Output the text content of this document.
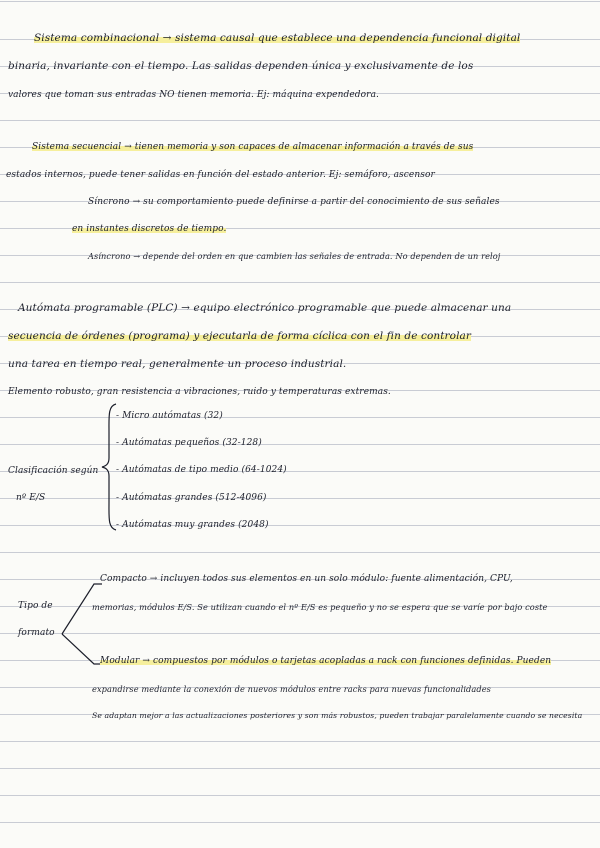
Sistema combinacional → sistema causal que establece una dependencia funcional digital
binaria, invariante con el tiempo. Las salidas dependen única y exclusivamente de los
valores que toman sus entradas NO tienen memoria. Ej: máquina expendedora.
Sistema secuencial → tienen memoria y son capaces de almacenar información a través de sus
estados internos, puede tener salidas en función del estado anterior. Ej: semáforo, ascensor
Síncrono → su comportamiento puede definirse a partir del conocimiento de sus señales
en instantes discretos de tiempo.
Asíncrono → depende del orden en que cambien las señales de entrada. No dependen de un reloj
Autómata programable (PLC) → equipo electrónico programable que puede almacenar una
secuencia de órdenes (programa) y ejecutarla de forma cíclica con el fin de controlar
una tarea en tiempo real, generalmente un proceso industrial.
Elemento robusto, gran resistencia a vibraciones, ruido y temperaturas extremas.
Clasificación según
nº E/S
- Micro autómatas (32)
- Autómatas pequeños (32-128)
- Autómatas de tipo medio (64-1024)
- Autómatas grandes (512-4096)
- Autómatas muy grandes (2048)
Tipo de
formato
Compacto → incluyen todos sus elementos en un solo módulo: fuente alimentación, CPU,
memorias, módulos E/S. Se utilizan cuando el nº E/S es pequeño y no se espera que se varíe por bajo coste
Modular → compuestos por módulos o tarjetas acopladas a rack con funciones definidas. Pueden
expandirse mediante la conexión de nuevos módulos entre racks para nuevas funcionalidades
Se adaptan mejor a las actualizaciones posteriores y son más robustos, pueden trabajar paralelamente cuando se necesita
